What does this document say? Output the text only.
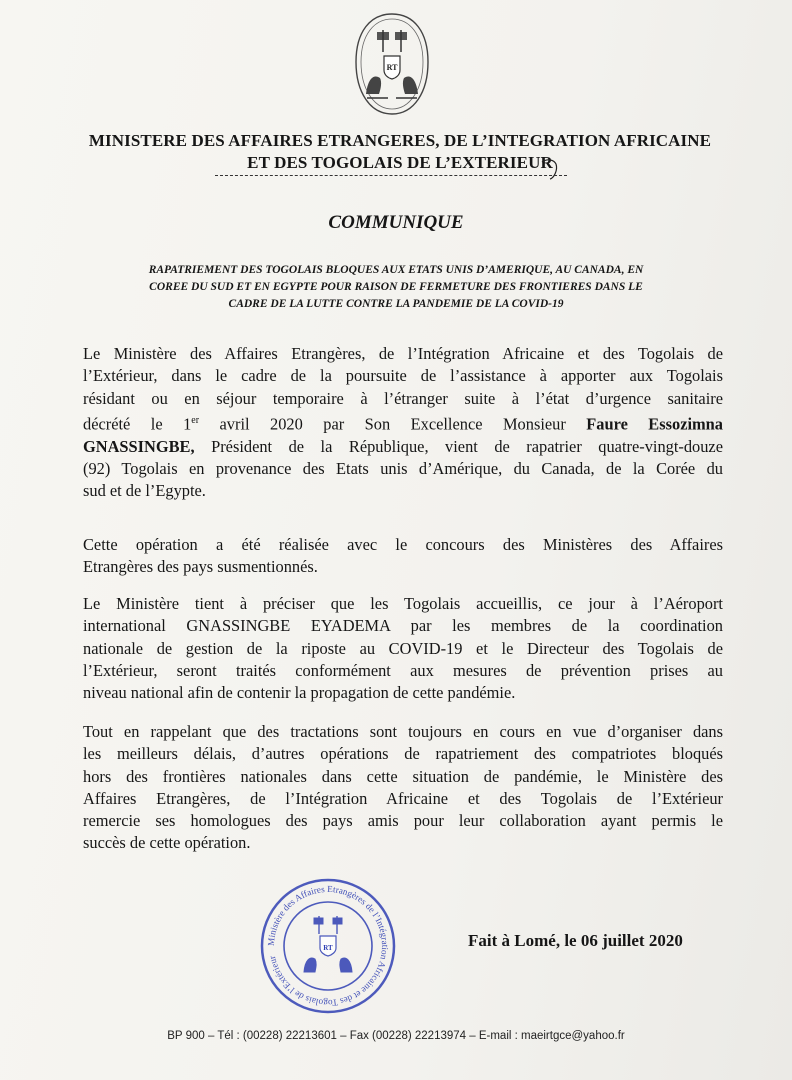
RT
MINISTERE DES AFFAIRES ETRANGERES, DE L’INTEGRATION AFRICAINE
ET DES TOGOLAIS DE L’EXTERIEUR
COMMUNIQUE
RAPATRIEMENT DES TOGOLAIS BLOQUES AUX ETATS UNIS D’AMERIQUE, AU CANADA, EN
COREE DU SUD ET EN EGYPTE POUR RAISON DE FERMETURE DES FRONTIERES DANS LE
CADRE DE LA LUTTE CONTRE LA PANDEMIE DE LA COVID-19
Le Ministère des Affaires Etrangères, de l’Intégration Africaine et des Togolais de
l’Extérieur, dans le cadre de la poursuite de l’assistance à apporter aux Togolais
résidant ou en séjour temporaire à l’étranger suite à l’état d’urgence sanitaire
décrété le 1er avril 2020 par Son Excellence Monsieur Faure Essozimna
GNASSINGBE, Président de la République, vient de rapatrier quatre-vingt-douze
(92) Togolais en provenance des Etats unis d’Amérique, du Canada, de la Corée du
sud et de l’Egypte.
Cette opération a été réalisée avec le concours des Ministères des Affaires
Etrangères des pays susmentionnés.
Le Ministère tient à préciser que les Togolais accueillis, ce jour à l’Aéroport
international GNASSINGBE EYADEMA par les membres de la coordination
nationale de gestion de la riposte au COVID-19 et le Directeur des Togolais de
l’Extérieur, seront traités conformément aux mesures de prévention prises au
niveau national afin de contenir la propagation de cette pandémie.
Tout en rappelant que des tractations sont toujours en cours en vue d’organiser dans
les meilleurs délais, d’autres opérations de rapatriement des compatriotes bloqués
hors des frontières nationales dans cette situation de pandémie, le Ministère des
Affaires Etrangères, de l’Intégration Africaine et des Togolais de l’Extérieur
remercie ses homologues des pays amis pour leur collaboration ayant permis le
succès de cette opération.
Ministère des Affaires Etrangères de l’Intégration Africaine et des Togolais de l’Extérieur
RT	Fait à Lomé, le 06 juillet 2020
BP 900 – Tél : (00228) 22213601 – Fax (00228) 22213974 – E-mail : maeirtgce@yahoo.fr
